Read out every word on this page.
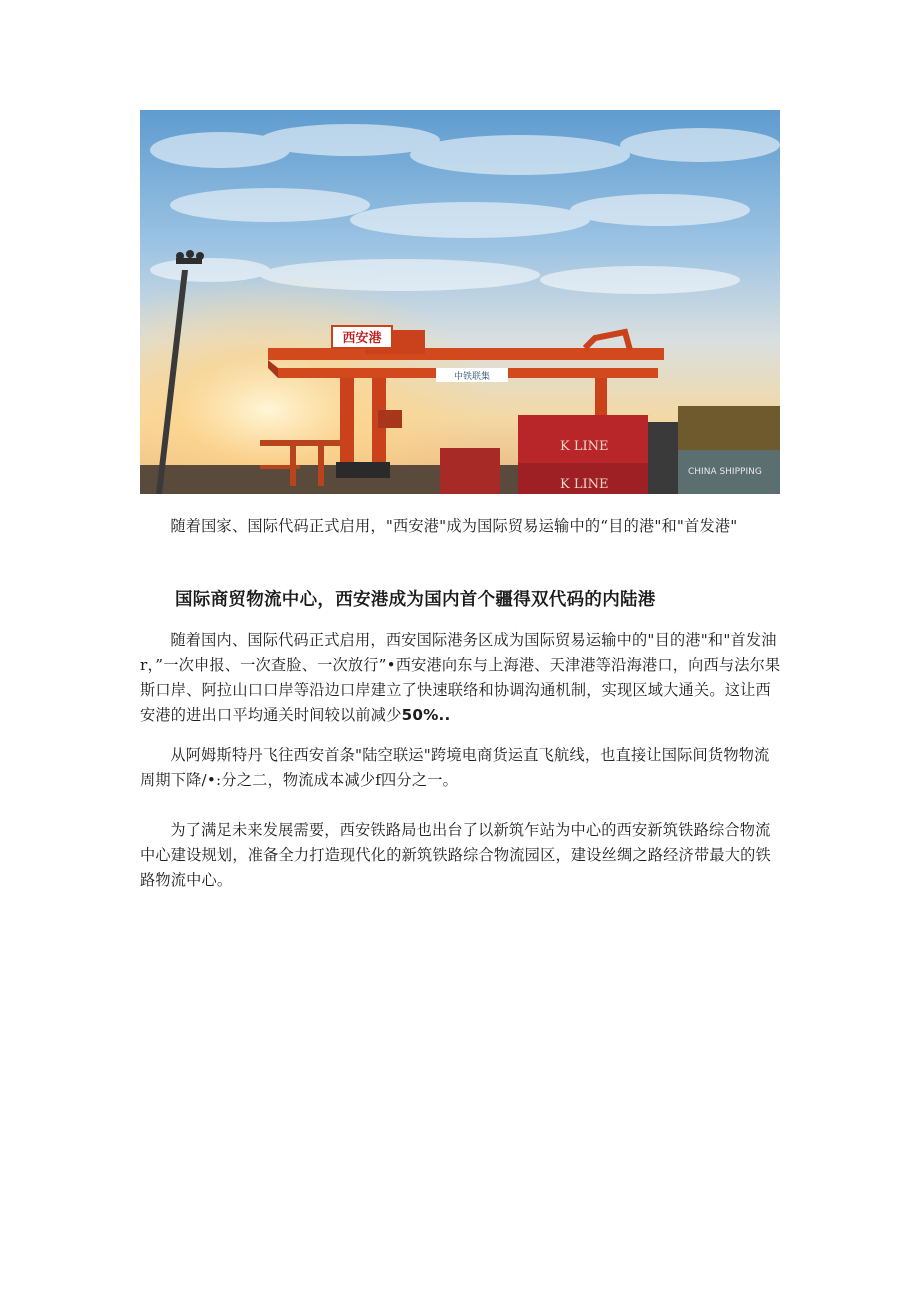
西安港
中铁联集
K LINE
K LINE
CHINA SHIPPING
随着国家、国际代码正式启用，"西安港"成为国际贸易运输中的“目的港"和"首发港"
国际商贸物流中心，西安港成为国内首个疆得双代码的内陆港
随着国内、国际代码正式启用，西安国际港务区成为国际贸易运输中的"目的港"和"首发油r，”一次申报、一次查脸、一次放行”•西安港向东与上海港、天津港等沿海港口，向西与法尔果斯口岸、阿拉山口口岸等沿边口岸建立了快速联络和协调沟通机制，实现区域大通关。这让西安港的进出口平均通关时间较以前减少50%..
从阿姆斯特丹飞往西安首条"陆空联运"跨境电商货运直飞航线，也直接让国际间货物物流周期下降/•:分之二，物流成本减少f四分之一。
为了满足未来发展需要，西安铁路局也出台了以新筑乍站为中心的西安新筑铁路综合物流中心建设规划，准备全力打造现代化的新筑铁路综合物流园区，建设丝绸之路经济带最大的铁路物流中心。
